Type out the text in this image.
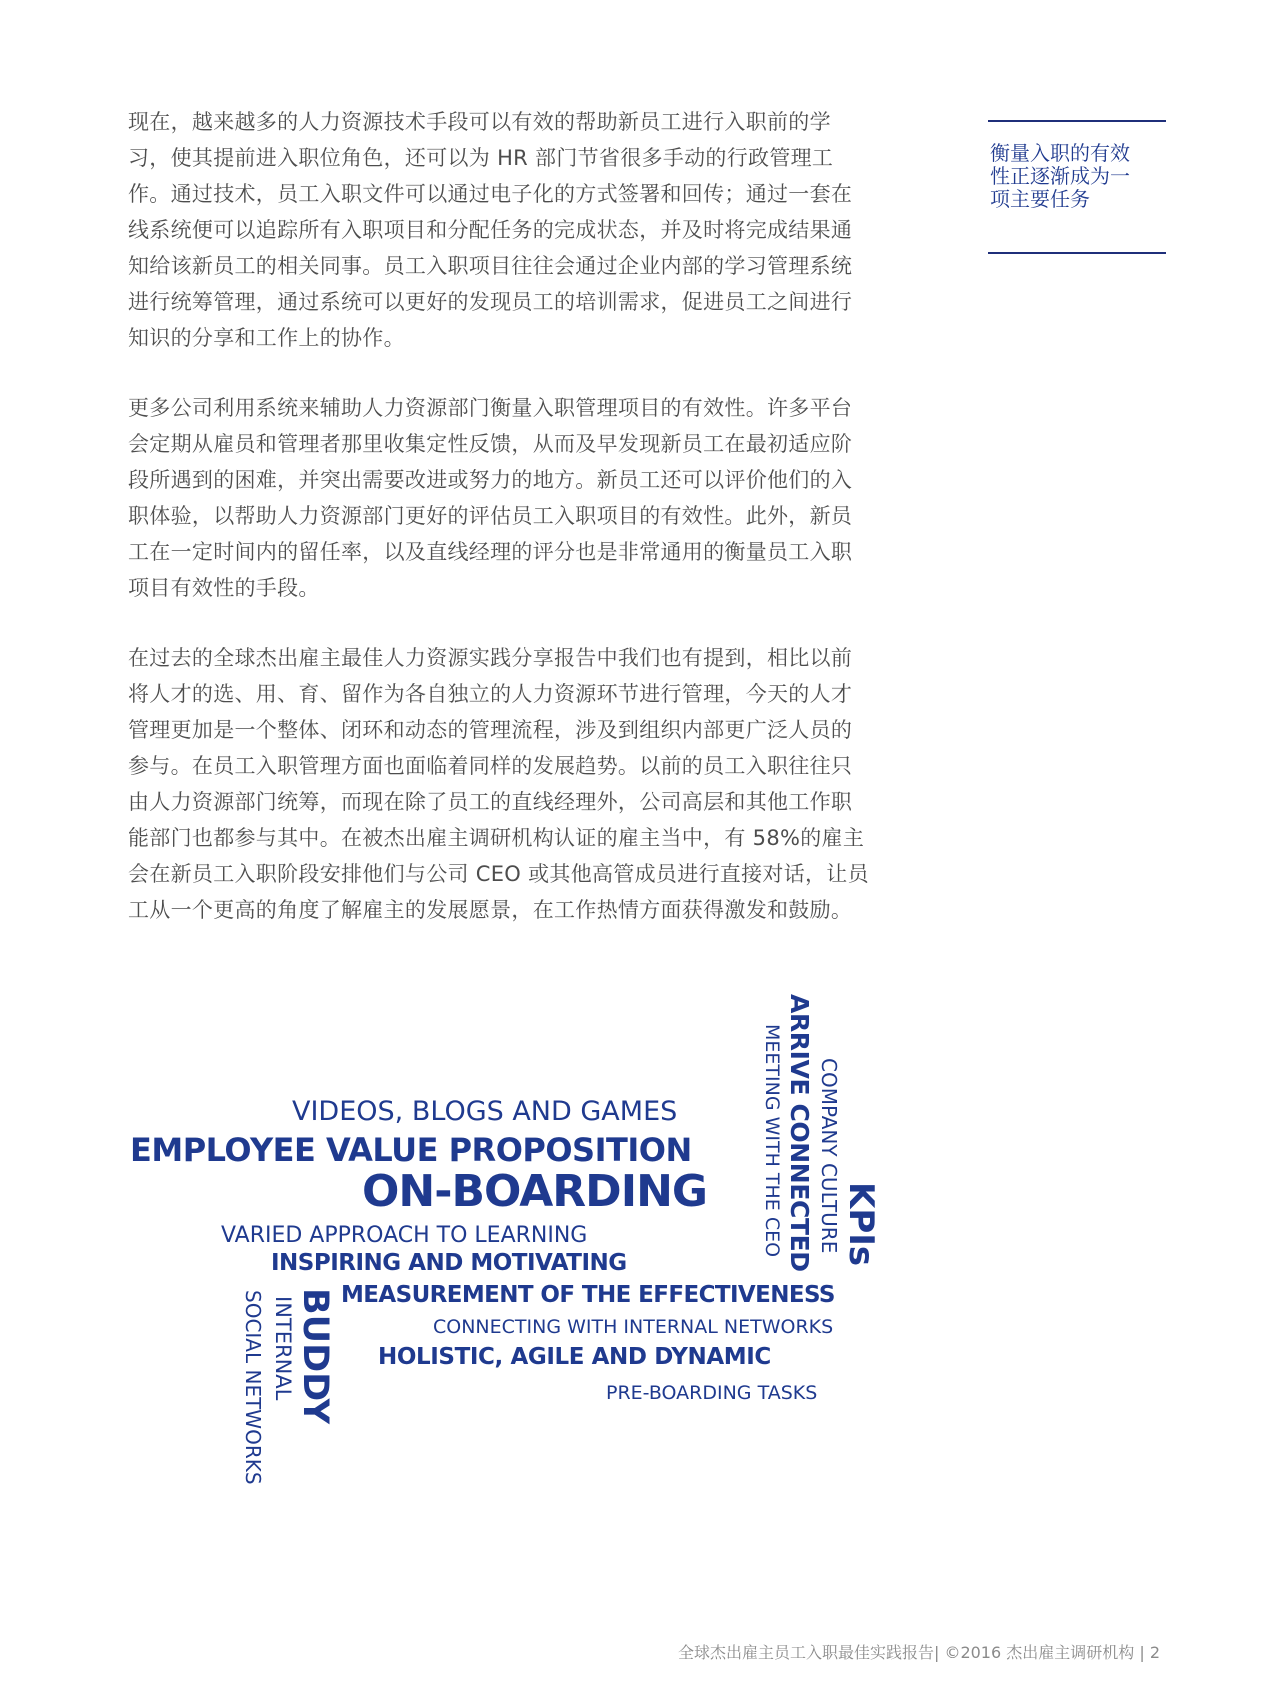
现在，越来越多的人力资源技术手段可以有效的帮助新员工进行入职前的学

习，使其提前进入职位角色，还可以为 HR 部门节省很多手动的行政管理工

作。通过技术，员工入职文件可以通过电子化的方式签署和回传；通过一套在

线系统便可以追踪所有入职项目和分配任务的完成状态，并及时将完成结果通

知给该新员工的相关同事。员工入职项目往往会通过企业内部的学习管理系统

进行统筹管理，通过系统可以更好的发现员工的培训需求，促进员工之间进行

知识的分享和工作上的协作。

更多公司利用系统来辅助人力资源部门衡量入职管理项目的有效性。许多平台

会定期从雇员和管理者那里收集定性反馈，从而及早发现新员工在最初适应阶

段所遇到的困难，并突出需要改进或努力的地方。新员工还可以评价他们的入

职体验，以帮助人力资源部门更好的评估员工入职项目的有效性。此外，新员

工在一定时间内的留任率，以及直线经理的评分也是非常通用的衡量员工入职

项目有效性的手段。

在过去的全球杰出雇主最佳人力资源实践分享报告中我们也有提到，相比以前

将人才的选、用、育、留作为各自独立的人力资源环节进行管理，今天的人才

管理更加是一个整体、闭环和动态的管理流程，涉及到组织内部更广泛人员的

参与。在员工入职管理方面也面临着同样的发展趋势。以前的员工入职往往只

由人力资源部门统筹，而现在除了员工的直线经理外，公司高层和其他工作职

能部门也都参与其中。在被杰出雇主调研机构认证的雇主当中，有 58%的雇主

会在新员工入职阶段安排他们与公司 CEO 或其他高管成员进行直接对话，让员

工从一个更高的角度了解雇主的发展愿景，在工作热情方面获得激发和鼓励。

衡量入职的有效

性正逐渐成为一

项主要任务

VIDEOS, BLOGS AND GAMES
EMPLOYEE VALUE PROPOSITION
ON-BOARDING
VARIED APPROACH TO LEARNING
INSPIRING AND MOTIVATING
MEASUREMENT OF THE EFFECTIVENESS
CONNECTING WITH INTERNAL NETWORKS
HOLISTIC, AGILE AND DYNAMIC
PRE-BOARDING TASKS
ARRIVE CONNECTED
MEETING WITH THE CEO COMPANY CULTURE KPIs
BUDDY
INTERNAL
SOCIAL NETWORKS
全球杰出雇主员工入职最佳实践报告| ©2016 杰出雇主调研机构 | 2
